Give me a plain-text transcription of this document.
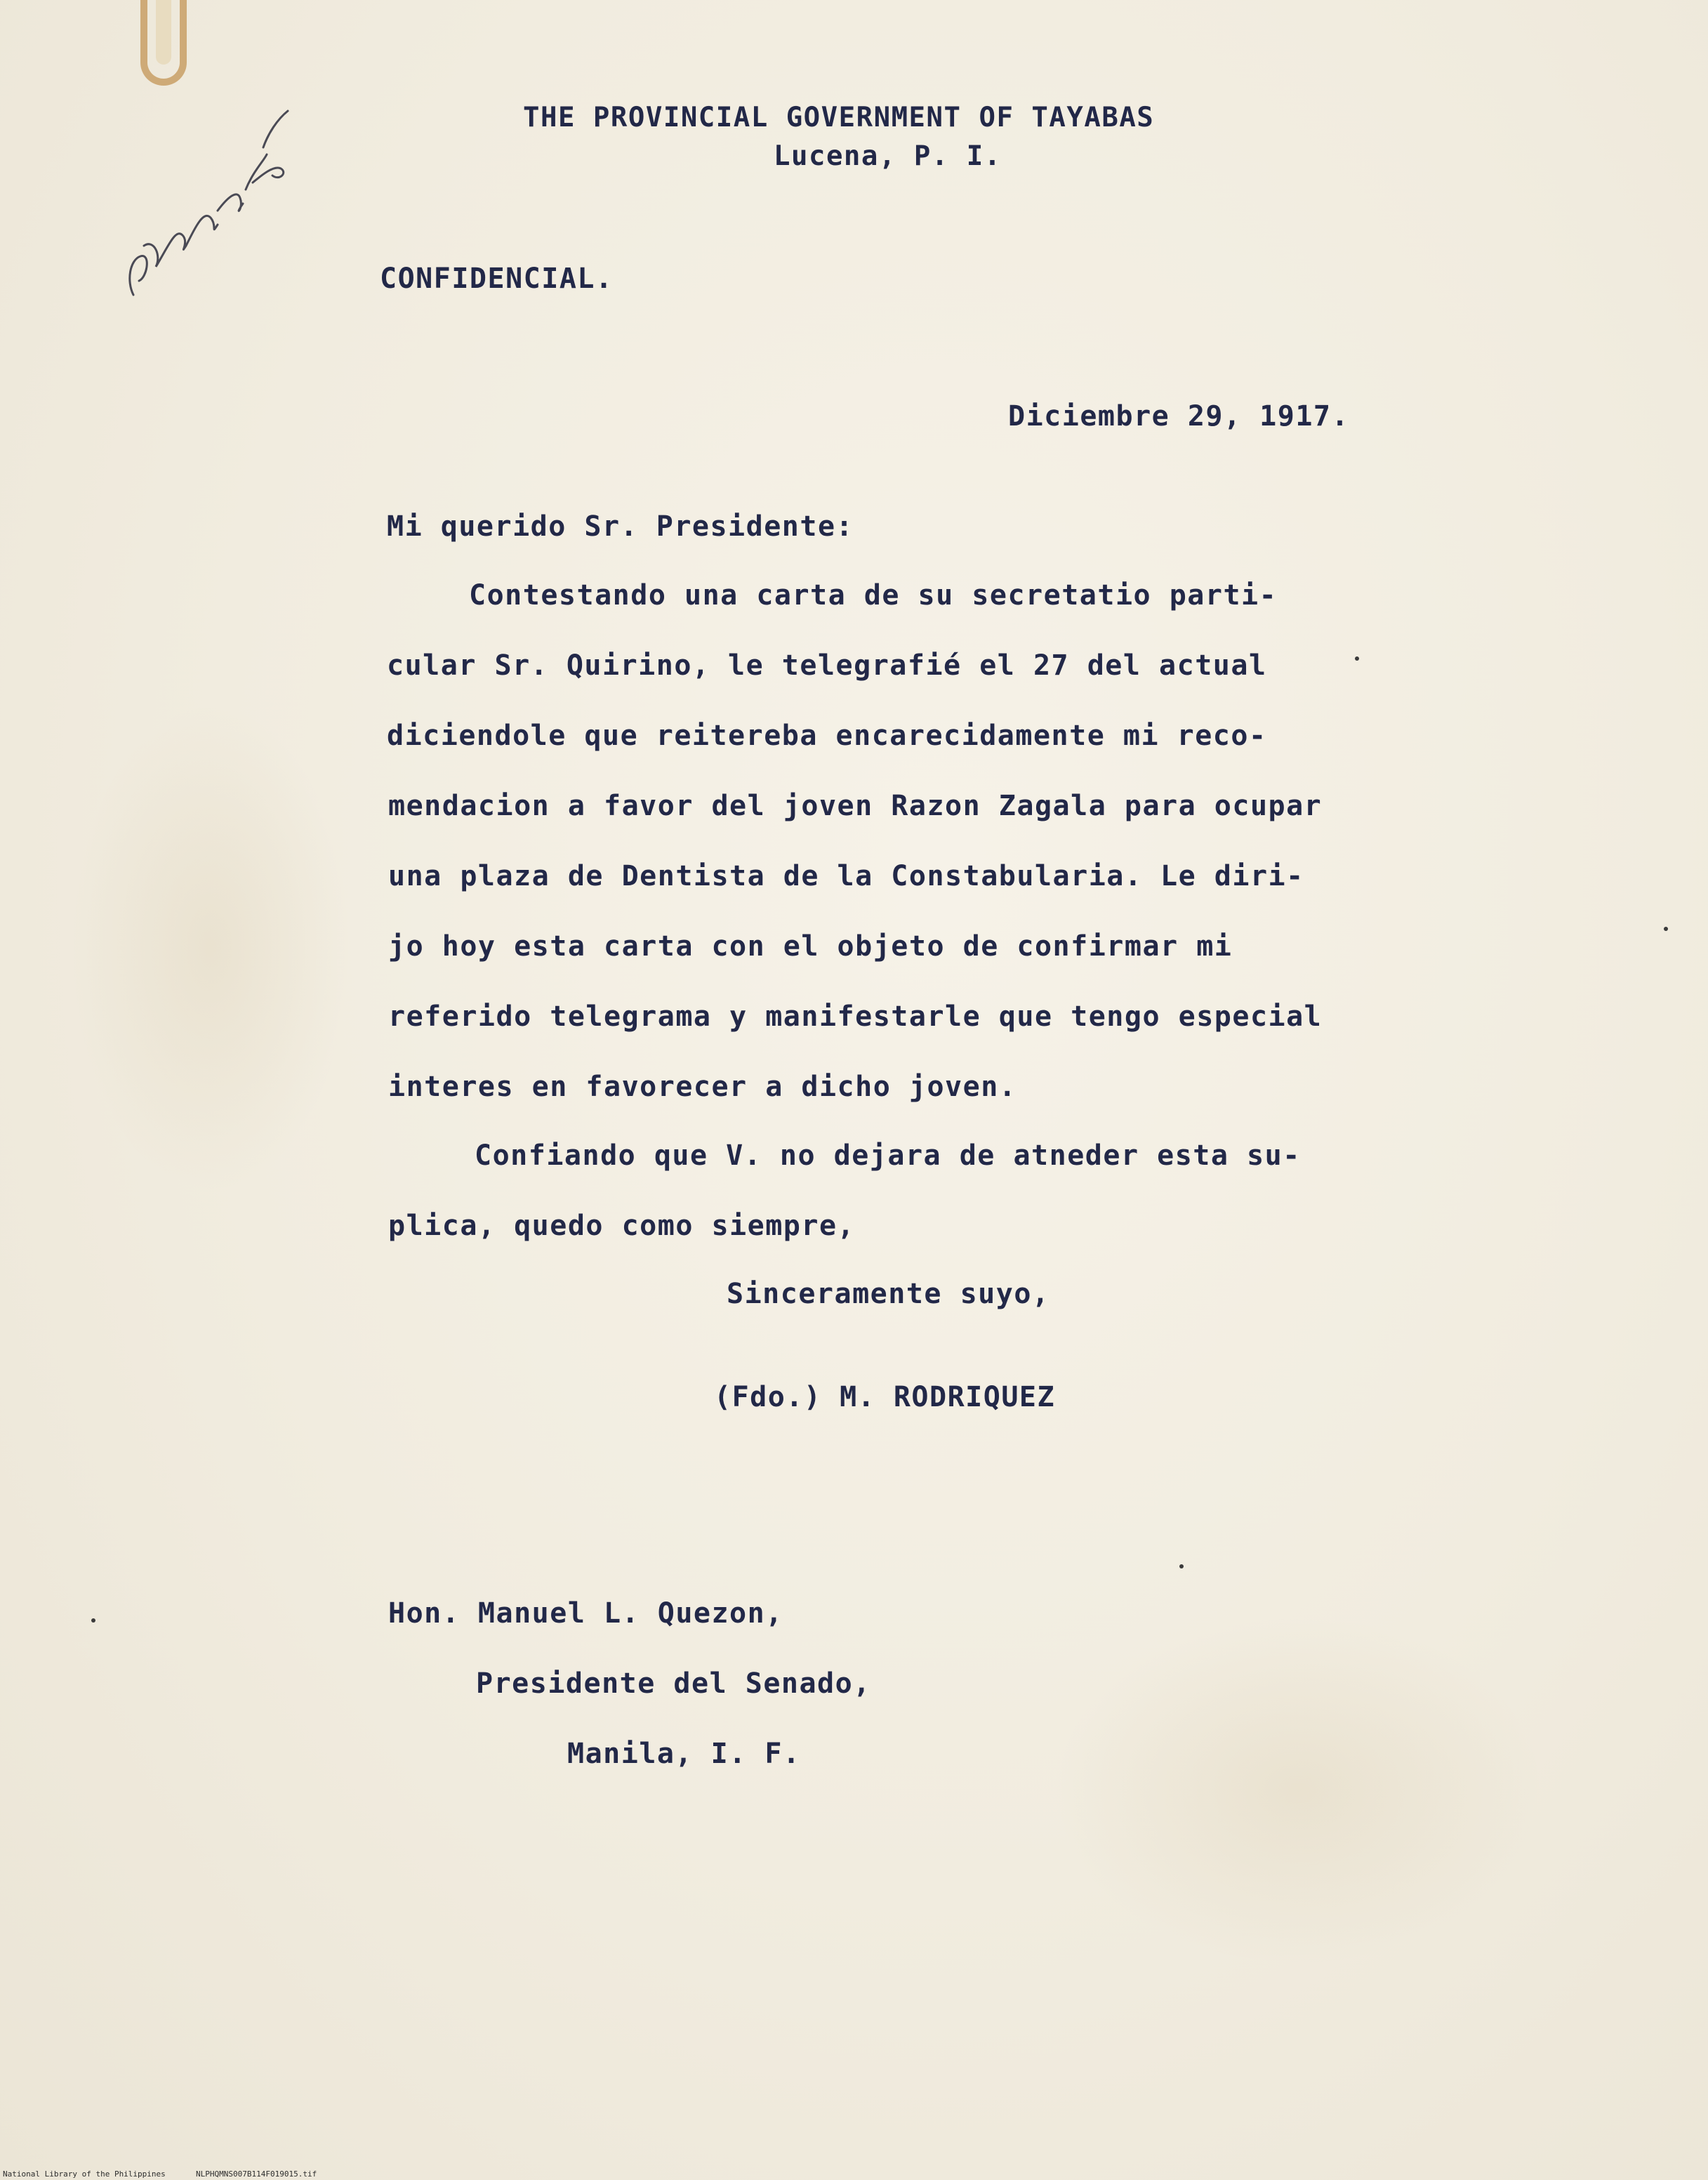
THE PROVINCIAL GOVERNMENT OF TAYABAS
Lucena, P. I.
CONFIDENCIAL.
Diciembre 29, 1917.
Mi querido Sr. Presidente:
Contestando una carta de su secretatio parti-
cular Sr. Quirino, le telegrafié el 27 del actual
diciendole que reitereba encarecidamente mi reco-
mendacion a favor del joven Razon Zagala para ocupar
una plaza de Dentista de la Constabularia. Le diri-
jo hoy esta carta con el objeto de confirmar mi
referido telegrama y manifestarle que tengo especial
interes en favorecer a dicho joven.
Confiando que V. no dejara de atneder esta su-
plica, quedo como siempre,
Sinceramente suyo,
(Fdo.) M. RODRIQUEZ
Hon. Manuel L. Quezon,
Presidente del Senado,
Manila, I. F.
National Library of the Philippines	NLPHQMNS007B114F019015.tif
